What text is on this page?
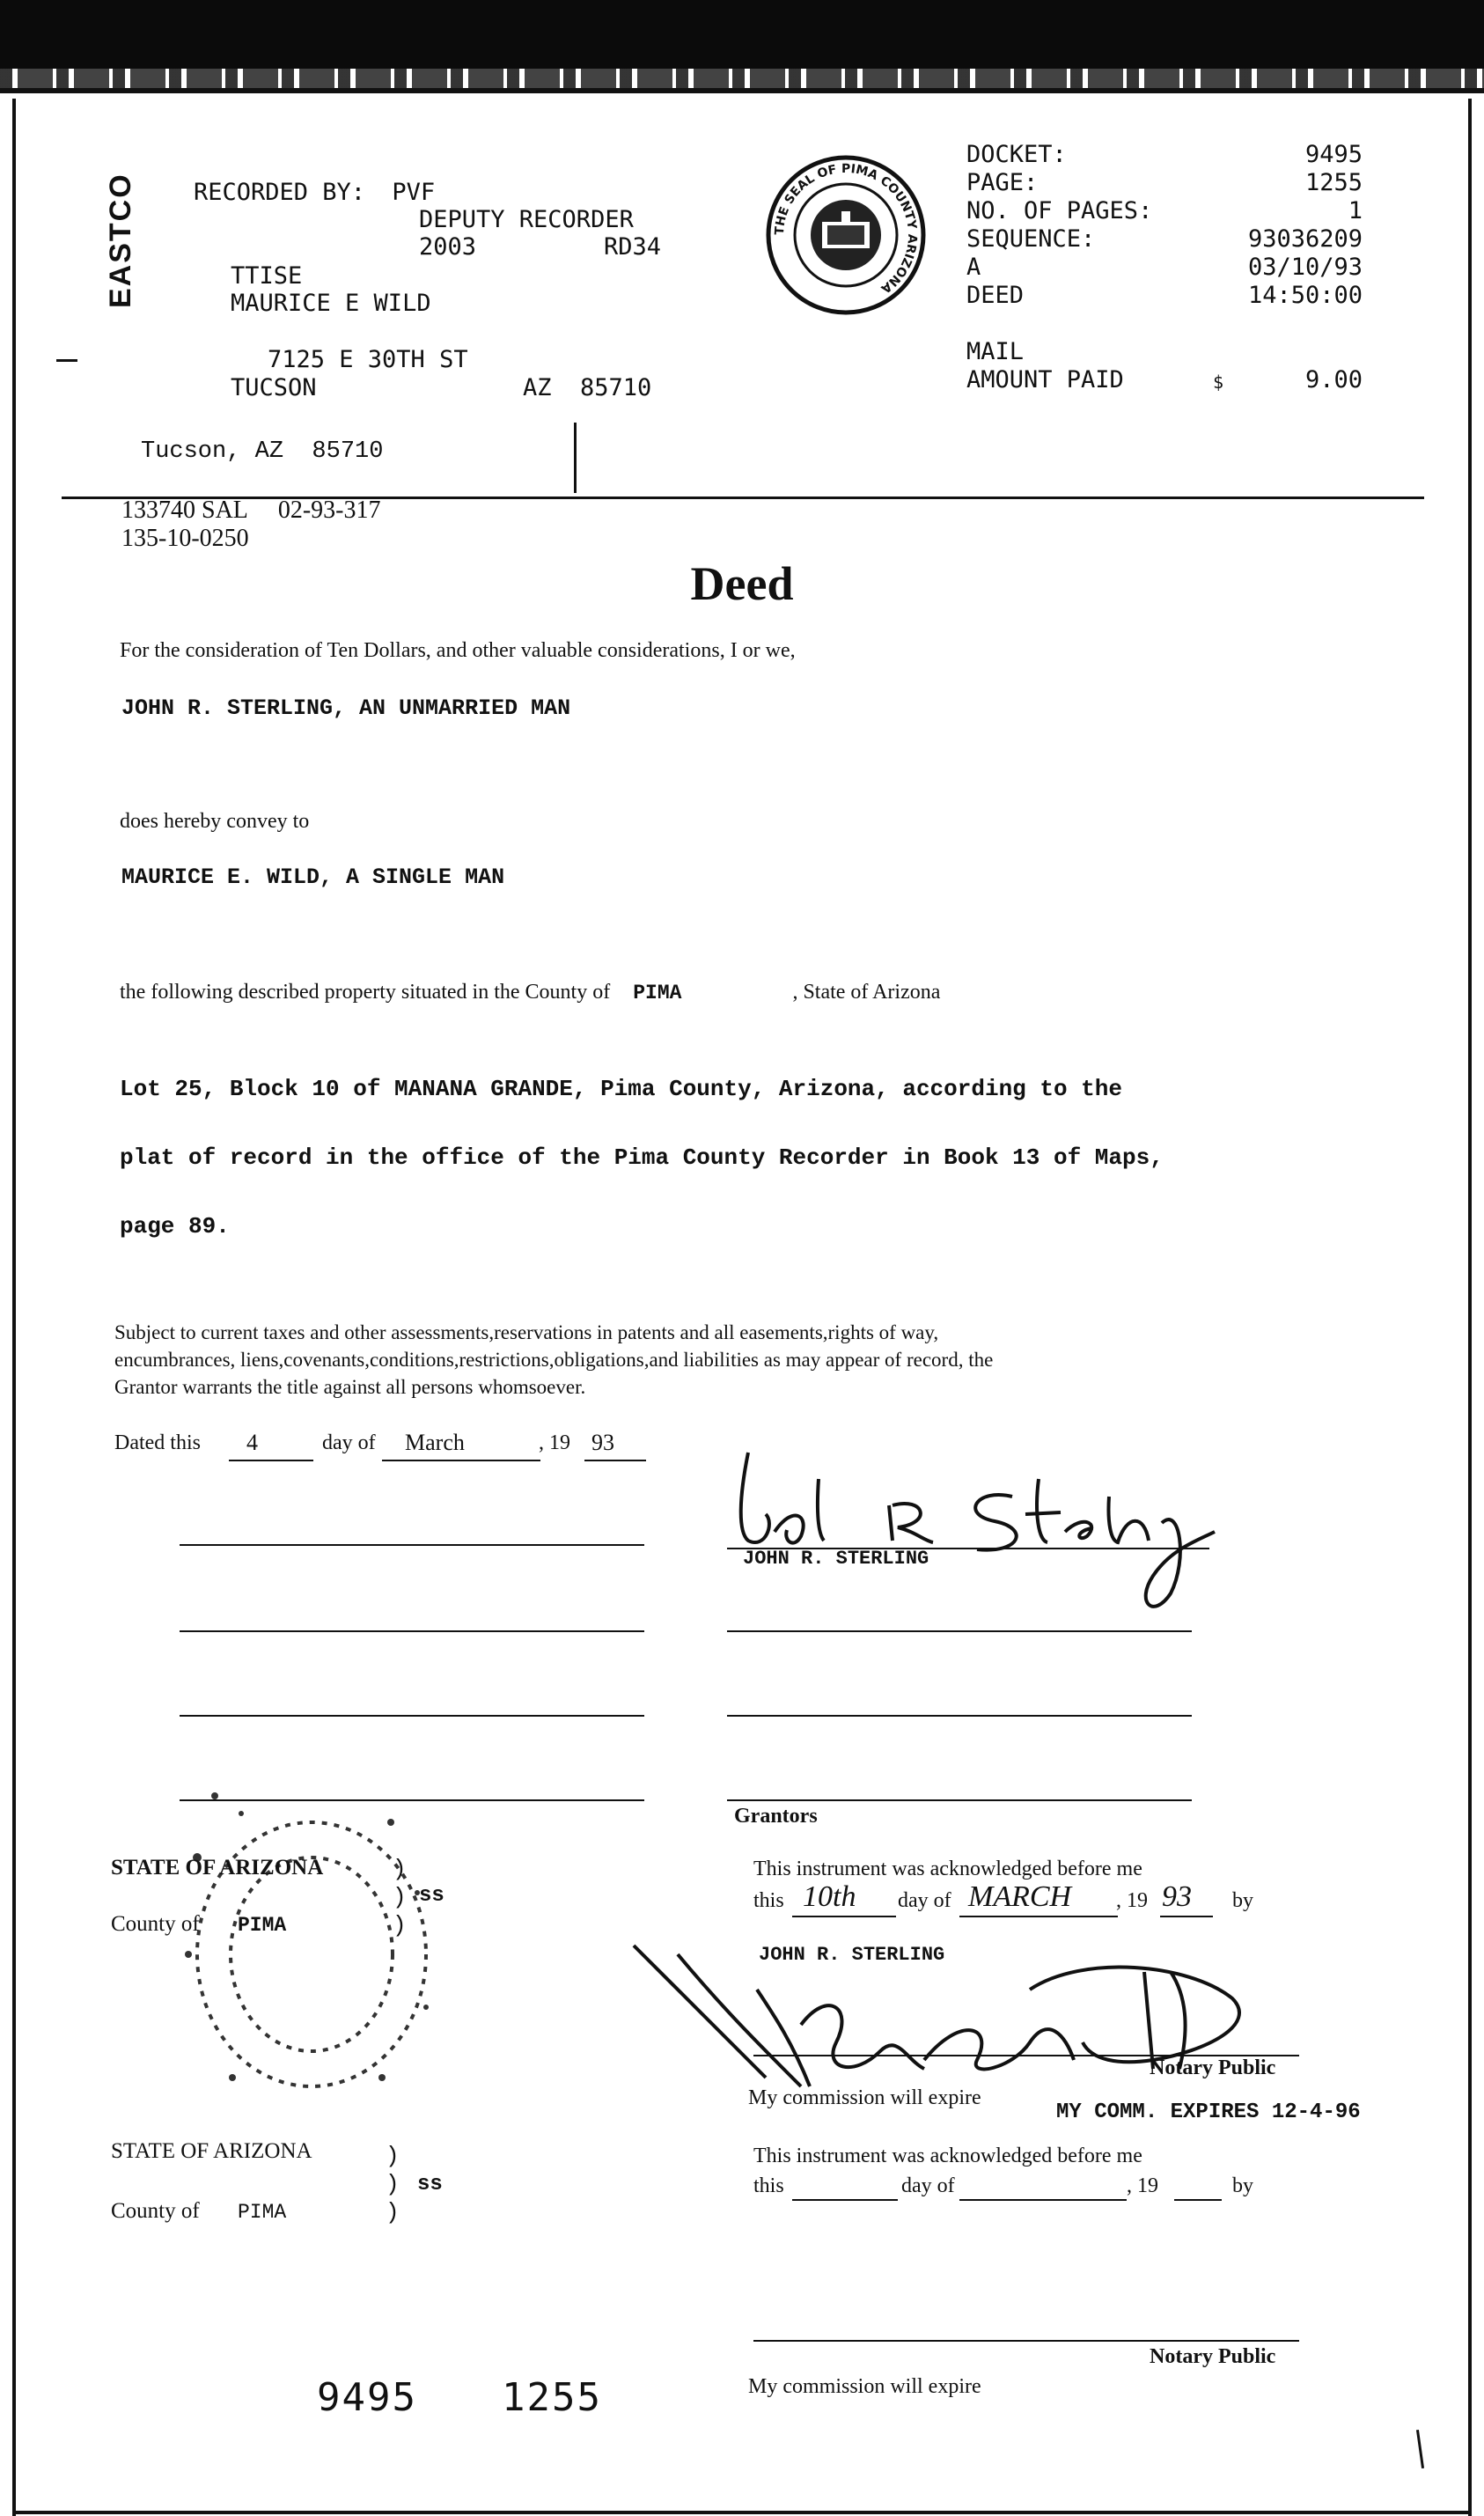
EASTCO RECORDED BY: PVF
DEPUTY RECORDER
2003	RD34
TTISE
MAURICE E WILD
7125 E 30TH ST
TUCSON	AZ  85710
THE SEAL OF PIMA COUNTY ARIZONA
DOCKET:	9495
PAGE:	1255
NO. OF PAGES:	1
SEQUENCE:	93036209
A	03/10/93
DEED	14:50:00
MAIL
AMOUNT PAID	$	9.00
Tucson, AZ  85710
133740 SAL     02-93-317
135-10-0250
Deed
For the consideration of Ten Dollars, and other valuable considerations, I or we,
JOHN R. STERLING, AN UNMARRIED MAN
does hereby convey to
MAURICE E. WILD, A SINGLE MAN
the following described property situated in the County of PIMA	, State of Arizona

Lot 25, Block 10 of MANANA GRANDE, Pima County, Arizona, according to the

plat of record in the office of the Pima County Recorder in Book 13 of Maps,

page 89.

Subject to current taxes and other assessments,reservations in patents and all easements,rights of way,
encumbrances, liens,covenants,conditions,restrictions,obligations,and liabilities as may appear of record, the
Grantor warrants the title against all persons whomsoever.
Dated this 4	day of March	, 19 93
JOHN R. STERLING
Grantors
STATE OF ARIZONA	)
ss
)
County of PIMA	)
This instrument was acknowledged before me
this 10th day of MARCH , 19 93 by
JOHN R. STERLING
Notary Public
My commission will expire
MY COMM. EXPIRES 12-4-96
STATE OF ARIZONA	)
) ss
County of PIMA	)
This instrument was acknowledged before me
this	day of	, 19	by
Notary Public
My commission will expire
9495 1255
